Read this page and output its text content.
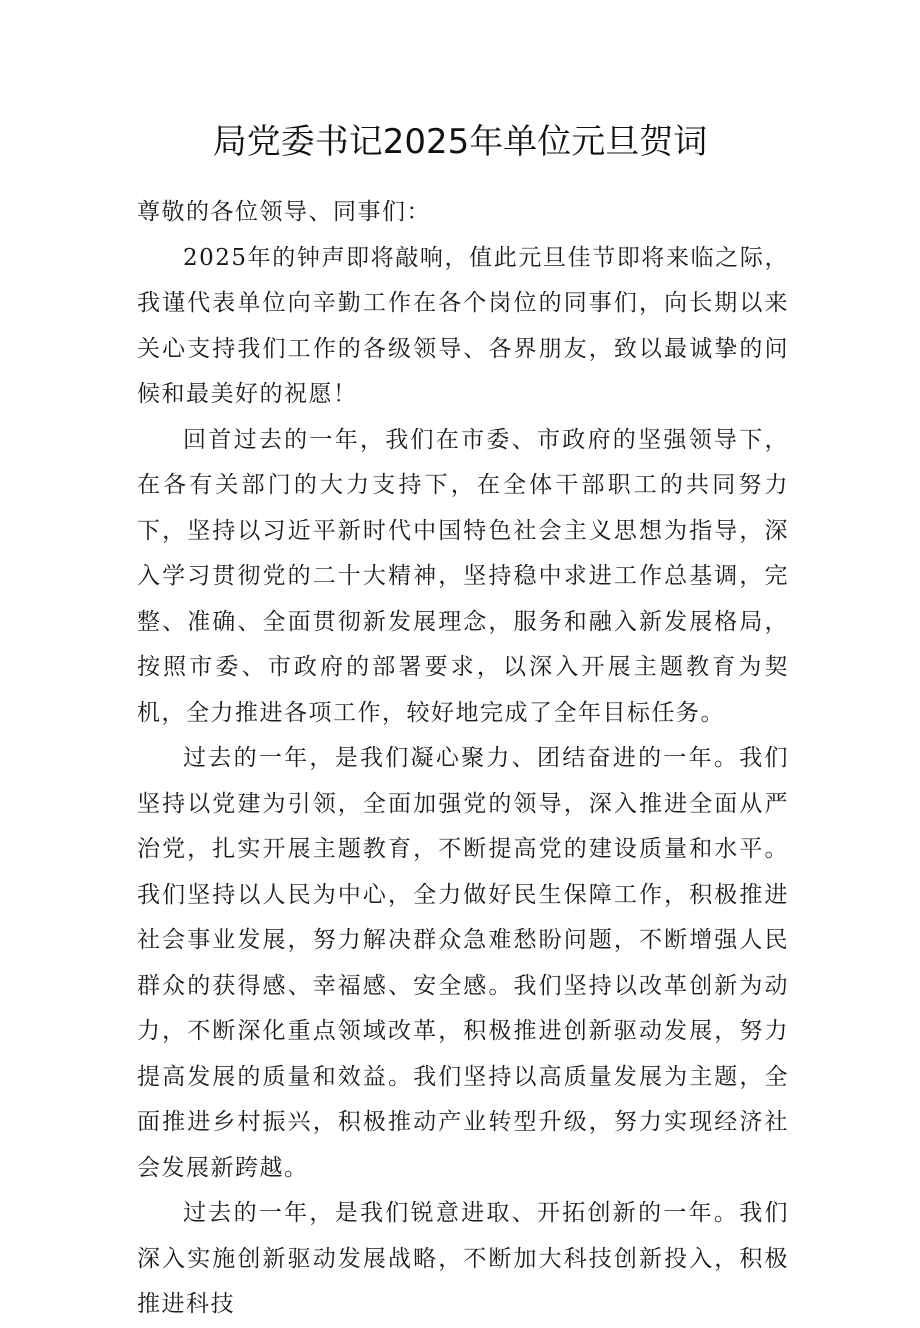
局党委书记2025年单位元旦贺词

尊敬的各位领导、同事们：

2025年的钟声即将敲响，值此元旦佳节即将来临之际，我谨代表单位向辛勤工作在各个岗位的同事们，向长期以来关心支持我们工作的各级领导、各界朋友，致以最诚挚的问候和最美好的祝愿！

回首过去的一年，我们在市委、市政府的坚强领导下，在各有关部门的大力支持下，在全体干部职工的共同努力下，坚持以习近平新时代中国特色社会主义思想为指导，深入学习贯彻党的二十大精神，坚持稳中求进工作总基调，完整、准确、全面贯彻新发展理念，服务和融入新发展格局，按照市委、市政府的部署要求，以深入开展主题教育为契机，全力推进各项工作，较好地完成了全年目标任务。

过去的一年，是我们凝心聚力、团结奋进的一年。我们坚持以党建为引领，全面加强党的领导，深入推进全面从严治党，扎实开展主题教育，不断提高党的建设质量和水平。我们坚持以人民为中心，全力做好民生保障工作，积极推进社会事业发展，努力解决群众急难愁盼问题，不断增强人民群众的获得感、幸福感、安全感。我们坚持以改革创新为动力，不断深化重点领域改革，积极推进创新驱动发展，努力提高发展的质量和效益。我们坚持以高质量发展为主题，全面推进乡村振兴，积极推动产业转型升级，努力实现经济社会发展新跨越。

过去的一年，是我们锐意进取、开拓创新的一年。我们深入实施创新驱动发展战略，不断加大科技创新投入，积极推进科技
